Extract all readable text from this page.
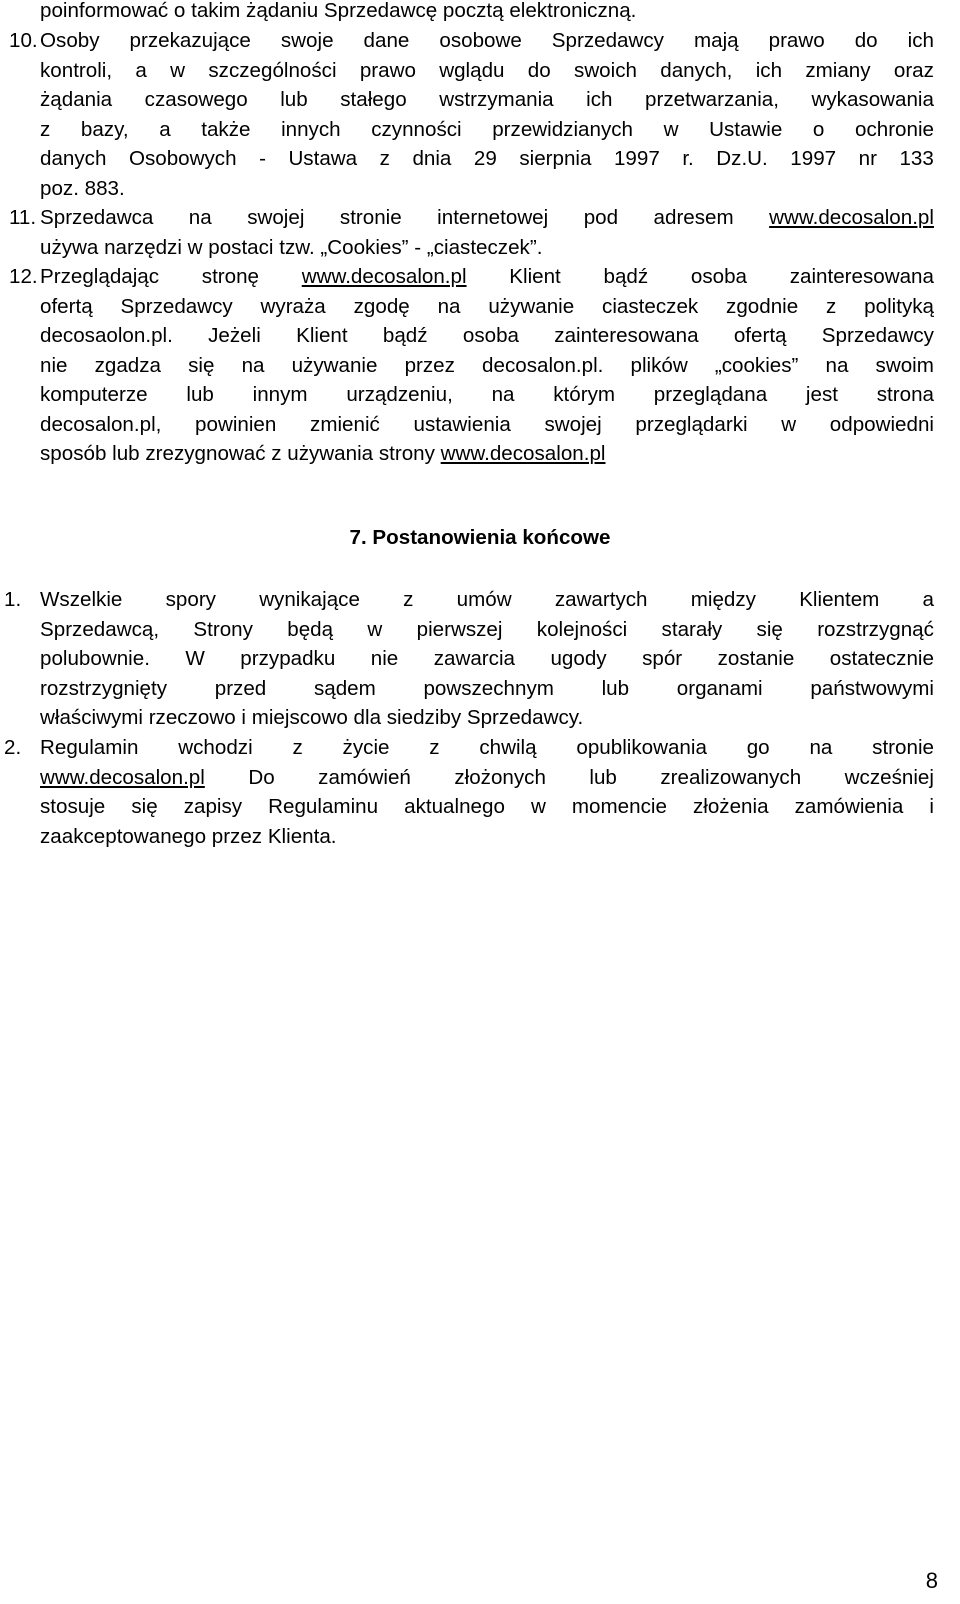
poinformować o takim żądaniu Sprzedawcę pocztą elektroniczną.
10. Osoby przekazujące swoje dane osobowe Sprzedawcy mają prawo do ich
kontroli, a w szczególności prawo wglądu do swoich danych, ich zmiany oraz
żądania czasowego lub stałego wstrzymania ich przetwarzania, wykasowania
z bazy, a także innych czynności przewidzianych w Ustawie o ochronie
danych Osobowych - Ustawa z dnia 29 sierpnia 1997 r. Dz.U. 1997 nr 133
poz. 883.
11. Sprzedawca na swojej stronie internetowej pod adresem www.decosalon.pl
używa narzędzi w postaci tzw. „Cookies” - „ciasteczek”.
12. Przeglądając stronę www.decosalon.pl Klient bądź osoba zainteresowana
ofertą Sprzedawcy wyraża zgodę na używanie ciasteczek zgodnie z polityką
decosaolon.pl. Jeżeli Klient bądź osoba zainteresowana ofertą Sprzedawcy
nie zgadza się na używanie przez decosalon.pl. plików „cookies” na swoim
komputerze lub innym urządzeniu, na którym przeglądana jest strona
decosalon.pl, powinien zmienić ustawienia swojej przeglądarki w odpowiedni
sposób lub zrezygnować z używania strony www.decosalon.pl
7. Postanowienia końcowe
1. Wszelkie spory wynikające z umów zawartych między Klientem a
Sprzedawcą, Strony będą w pierwszej kolejności starały się rozstrzygnąć
polubownie. W przypadku nie zawarcia ugody spór zostanie ostatecznie
rozstrzygnięty przed sądem powszechnym lub organami państwowymi
właściwymi rzeczowo i miejscowo dla siedziby Sprzedawcy.
2. Regulamin wchodzi z życie z chwilą opublikowania go na stronie
www.decosalon.pl Do zamówień złożonych lub zrealizowanych wcześniej
stosuje się zapisy Regulaminu aktualnego w momencie złożenia zamówienia i
zaakceptowanego przez Klienta.
8
